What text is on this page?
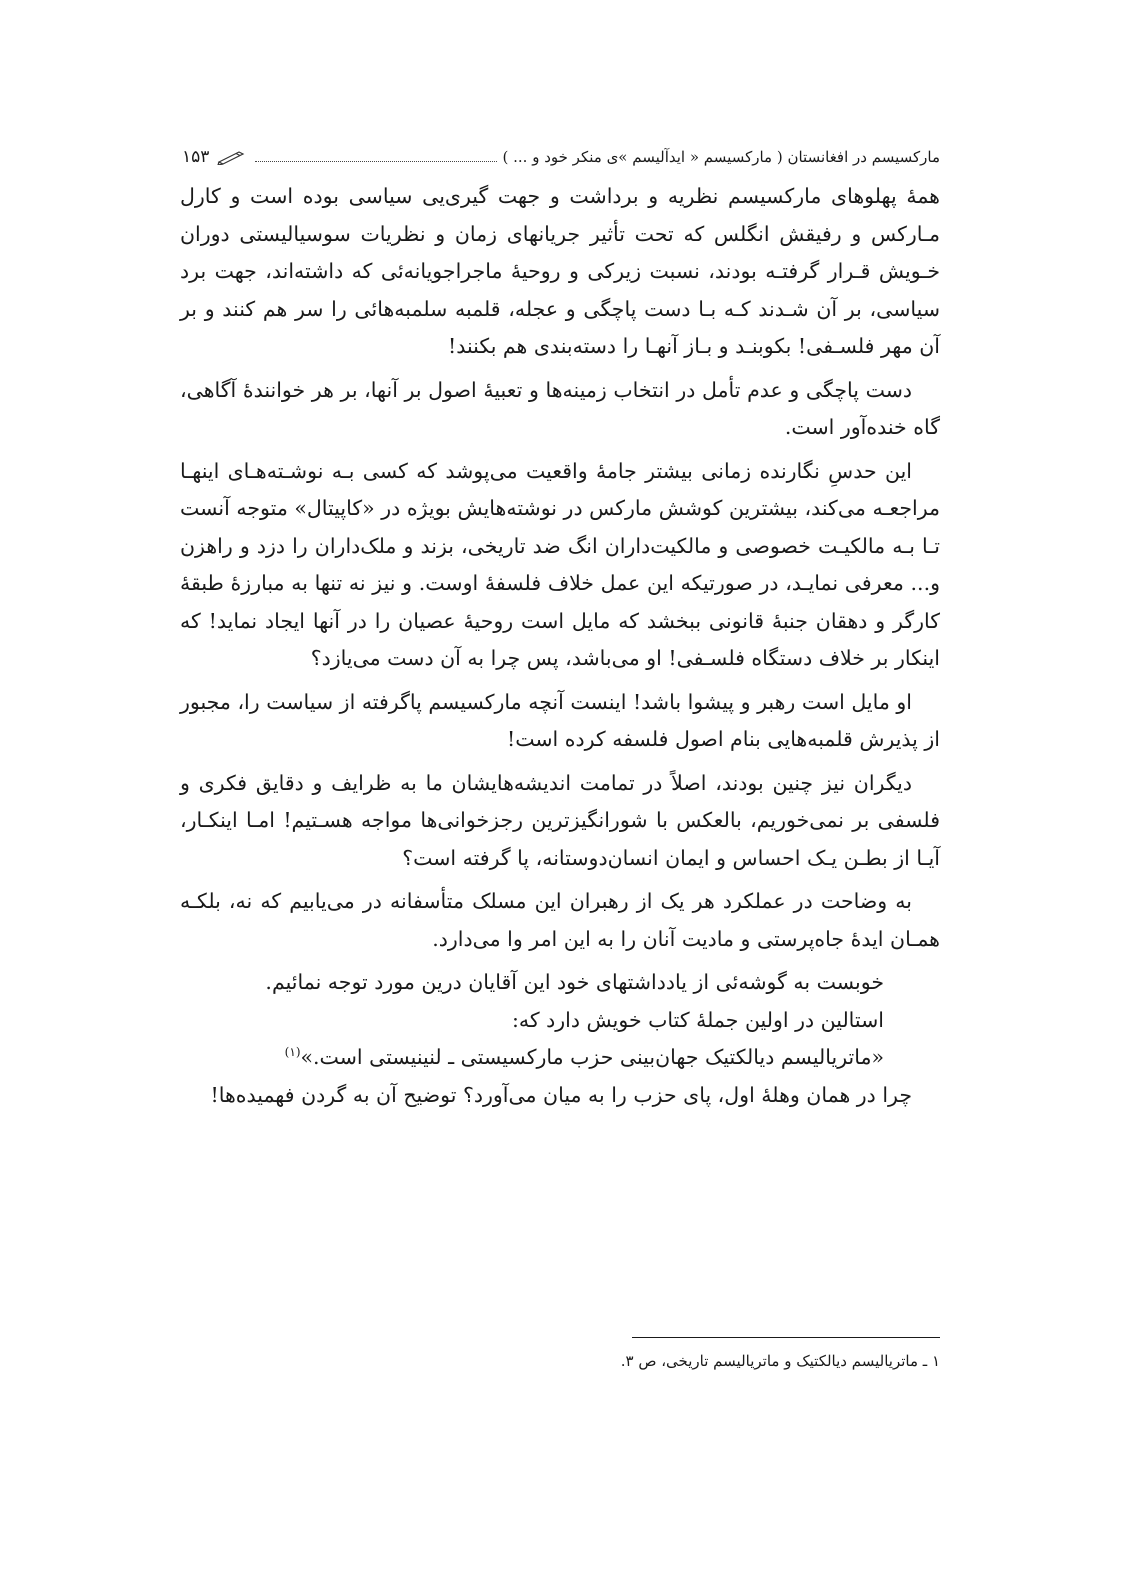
مارکسیسم در افغانستان ( مارکسیسم « ایدآلیسم »ی منکر خود و ... )
۱۵۳

همهٔ پهلوهای مارکسیسم نظریه و برداشت و جهت گیری‌یی سیاسی بوده است و کارل مـارکس و رفیقش انگلس که تحت تأثیر جریانهای زمان و نظریات سوسیالیستی دوران خـویش قـرار گرفتـه بودند، نسبت زیرکی و روحیهٔ ماجراجویانه‌ئی که داشته‌اند، جهت برد سیاسی، بر آن شـدند کـه بـا دست پاچگی و عجله، قلمبه سلمبه‌هائی را سر هم کنند و بر آن مهر فلسـفی! بکوبنـد و بـاز آنهـا را دسته‌بندی هم بکنند!

دست پاچگی و عدم تأمل در انتخاب زمینه‌ها و تعبیهٔ اصول بر آنها، بر هر خوانندهٔ آگاهی، گاه خنده‌آور است.

این حدسِ نگارنده زمانی بیشتر جامهٔ واقعیت می‌پوشد که کسی بـه نوشـته‌هـای اینهـا مراجعـه می‌کند، بیشترین کوشش مارکس در نوشته‌هایش بویژه در «کاپیتال» متوجه آنست تـا بـه مالکیـت خصوصی و مالکیت‌داران انگ ضد تاریخی، بزند و ملک‌داران را دزد و راهزن و... معرفی نمایـد، در صورتیکه این عمل خلاف فلسفهٔ اوست. و نیز نه تنها به مبارزهٔ طبقهٔ کارگر و دهقان جنبهٔ قانونی ببخشد که مایل است روحیهٔ عصیان را در آنها ایجاد نماید! که اینکار بر خلاف دستگاه فلسـفی! او می‌باشد، پس چرا به آن دست می‌یازد؟

او مایل است رهبر و پیشوا باشد! اینست آنچه مارکسیسم پاگرفته از سیاست را، مجبور از پذیرش قلمبه‌هایی بنام اصول فلسفه کرده است!

دیگران نیز چنین بودند، اصلاً در تمامت اندیشه‌هایشان ما به ظرایف و دقایق فکری و فلسفی بر نمی‌خوریم، بالعکس با شورانگیزترین رجزخوانی‌ها مواجه هسـتیم! امـا اینکـار، آیـا از بطـن یـک احساس و ایمان انسان‌دوستانه، پا گرفته است؟

به وضاحت در عملکرد هر یک از رهبران این مسلک متأسفانه در می‌یابیم که نه، بلکـه همـان ایدهٔ جاه‌پرستی و مادیت آنان را به این امر وا می‌دارد.

خوبست به گوشه‌ئی از یادداشتهای خود این آقایان درین مورد توجه نمائیم.

استالین در اولین جملهٔ کتاب خویش دارد که:

«ماتریالیسم دیالکتیک جهان‌بینی حزب مارکسیستی ـ لنینیستی است.»$^{(۱)}$

چرا در همان وهلهٔ اول، پای حزب را به میان می‌آورد؟ توضیح آن به گردن فهمیده‌ها!

۱ ـ ماتریالیسم دیالکتیک و ماتریالیسم تاریخی، ص ۳.
